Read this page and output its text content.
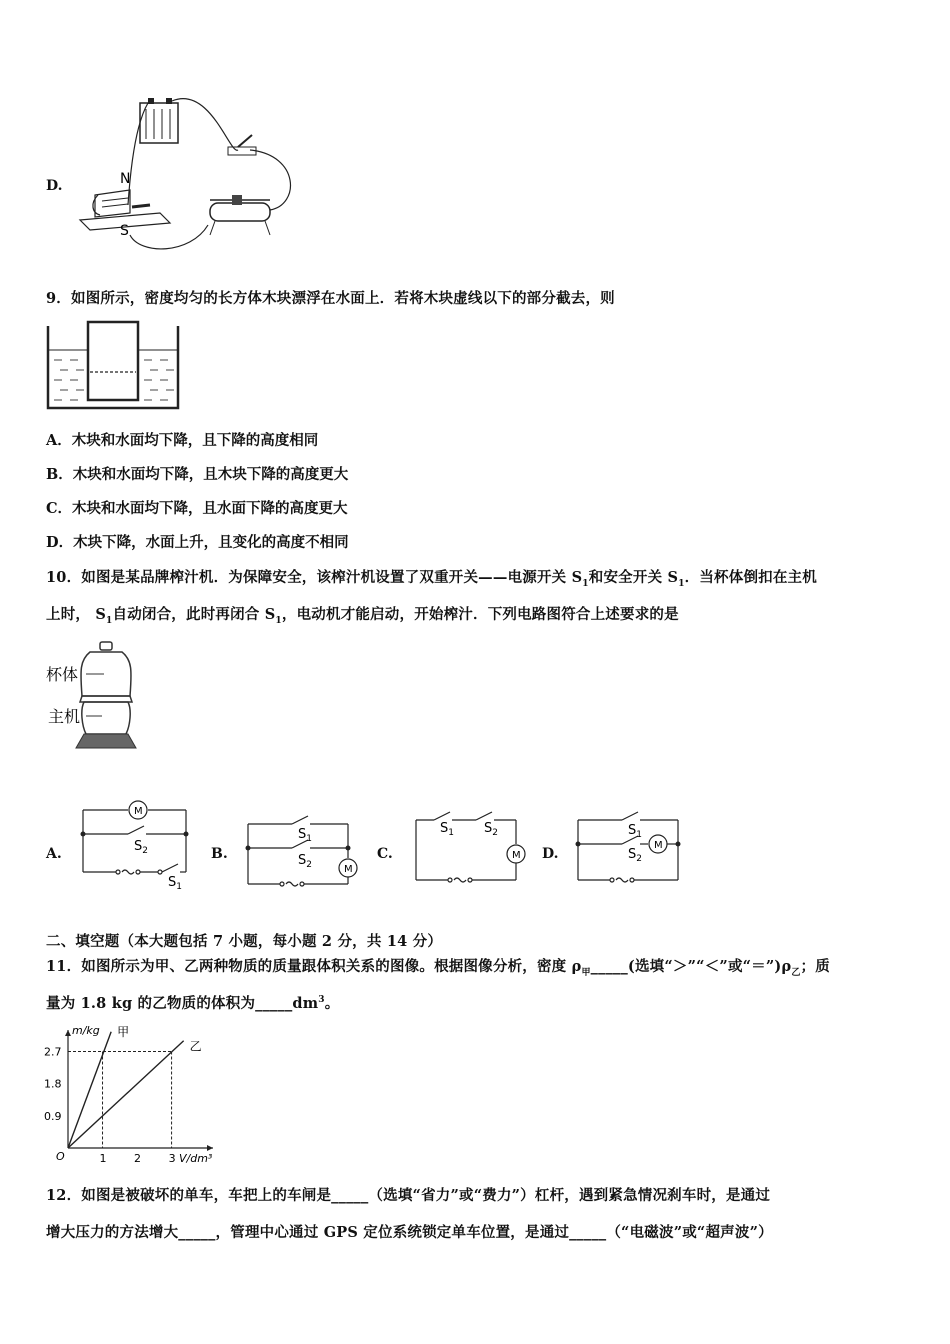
D.	N
S
9．如图所示，密度均匀的长方体木块漂浮在水面上．若将木块虚线以下的部分截去，则
A．木块和水面均下降，且下降的高度相同
B．木块和水面均下降，且木块下降的高度更大
C．木块和水面均下降，且水面下降的高度更大
D．木块下降，水面上升，且变化的高度不相同
10．如图是某品牌榨汁机．为保障安全，该榨汁机设置了双重开关——电源开关 $S_1$和安全开关 $S_1$．当杯体倒扣在主机
上时， $S_1$自动闭合，此时再闭合 $S_1$，电动机才能启动，开始榨汁．下列电路图符合上述要求的是
杯体
主机
A.
M
$S_2$
$S_1$
B.
M
$S_1$
$S_2$
C.	M
$S_1$ $S_2$
D.
M
$S_1$
$S_2$
二、填空题（本大题包括 7 小题，每小题 2 分，共 14 分）
11．如图所示为甲、乙两种物质的质量跟体积关系的图像。根据图像分析，密度 $\rho_甲\_\_\_\_\_$(选填“＞”“＜”或“$=”)\rho_乙$；质
量为 1.8 kg 的乙物质的体积为$\_\_\_\_\_dm^3$。
m/kg
V/dm³
O	1	2	3
0.9
1.8
2.7
甲
乙
12．如图是被破坏的单车，车把上的车闸是_____（选填“省力”或“费力”）杠杆，遇到紧急情况刹车时，是通过
增大压力的方法增大_____，管理中心通过 GPS 定位系统锁定单车位置，是通过_____（“电磁波”或“超声波”）
